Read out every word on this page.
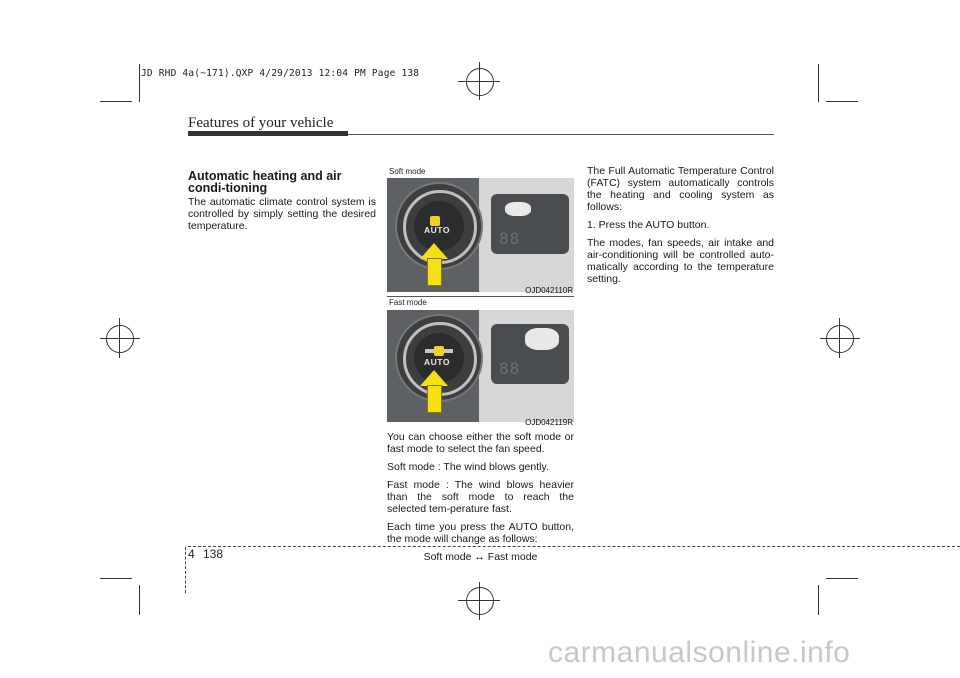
JD RHD 4a(~171).QXP 4/29/2013 12:04 PM Page 138
Features of your vehicle
Automatic heating and air condi-tioning

The automatic climate control system is controlled by simply setting the desired temperature.

Soft mode
88
AUTO
OJD042110R
Fast mode
88
AUTO
OJD042119R

You can choose either the soft mode or fast mode to select the fan speed.

Soft mode : The wind blows gently.

Fast mode : The wind blows heavier than the soft mode to reach the selected tem-perature fast.

Each time you press the AUTO button, the mode will change as follows:

Soft mode ↔ Fast mode

The Full Automatic Temperature Control (FATC) system automatically controls the heating and cooling system as follows:

1. Press the AUTO button.

The modes, fan speeds, air intake and air-conditioning will be controlled auto-matically according to the temperature setting.

4 138
carmanualsonline.info
